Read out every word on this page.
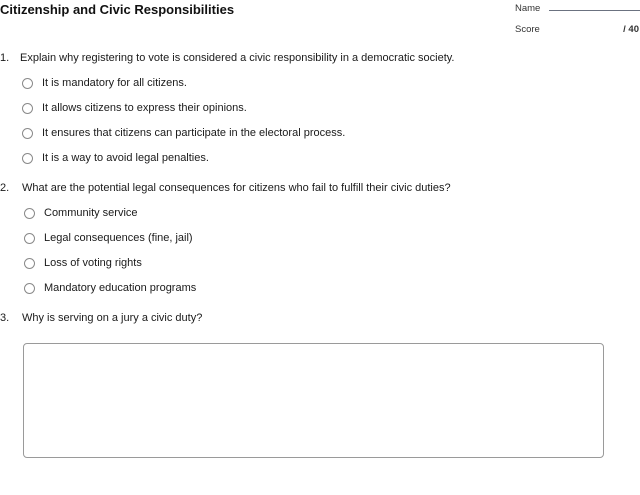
Citizenship and Civic Responsibilities	Name
Score	/ 40
1. Explain why registering to vote is considered a civic responsibility in a democratic society.
It is mandatory for all citizens.
It allows citizens to express their opinions.
It ensures that citizens can participate in the electoral process.
It is a way to avoid legal penalties.
2. What are the potential legal consequences for citizens who fail to fulfill their civic duties?
Community service
Legal consequences (fine, jail)
Loss of voting rights
Mandatory education programs
3. Why is serving on a jury a civic duty?
